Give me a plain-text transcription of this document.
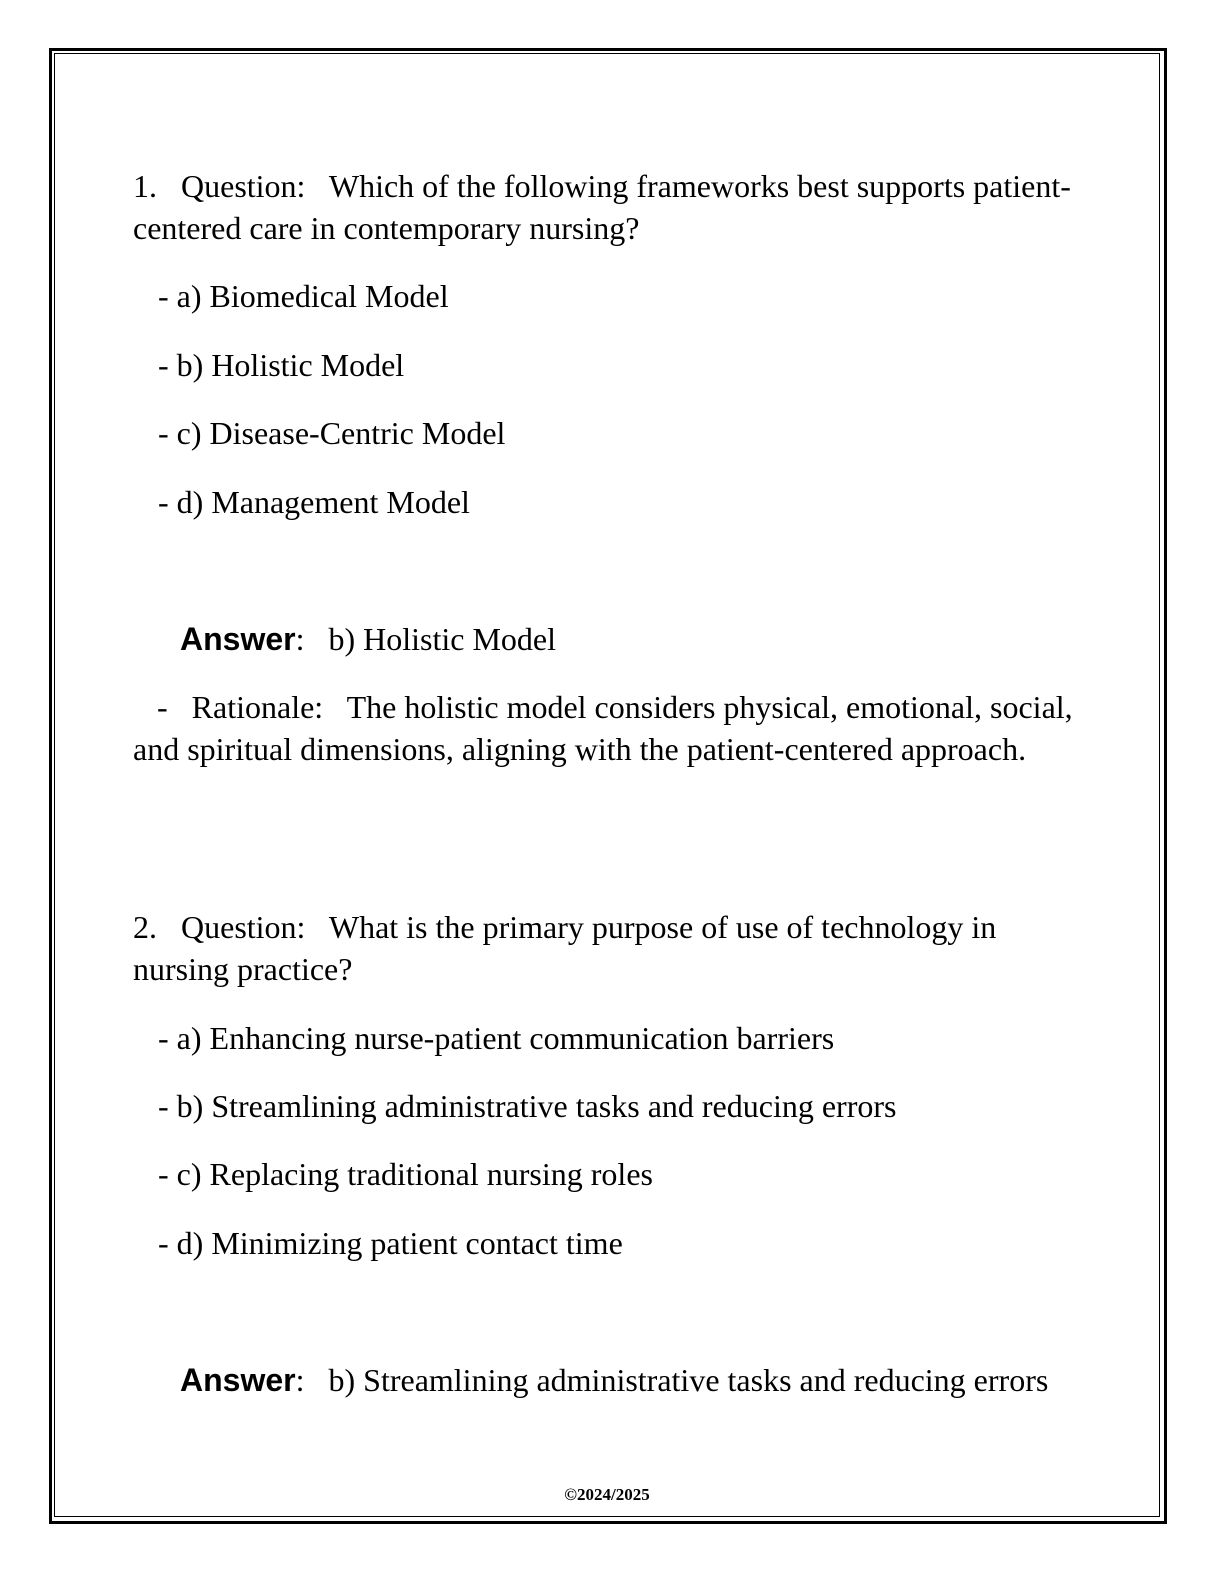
1. Question: Which of the following frameworks best supports patient-centered care in contemporary nursing?
- a) Biomedical Model
- b) Holistic Model
- c) Disease-Centric Model
- d) Management Model
Answer: b) Holistic Model
-   Rationale: The holistic model considers physical, emotional, social, and spiritual dimensions, aligning with the patient-centered approach.
2. Question: What is the primary purpose of use of technology in nursing practice?
- a) Enhancing nurse-patient communication barriers
- b) Streamlining administrative tasks and reducing errors
- c) Replacing traditional nursing roles
- d) Minimizing patient contact time
Answer: b) Streamlining administrative tasks and reducing errors
©2024/2025
